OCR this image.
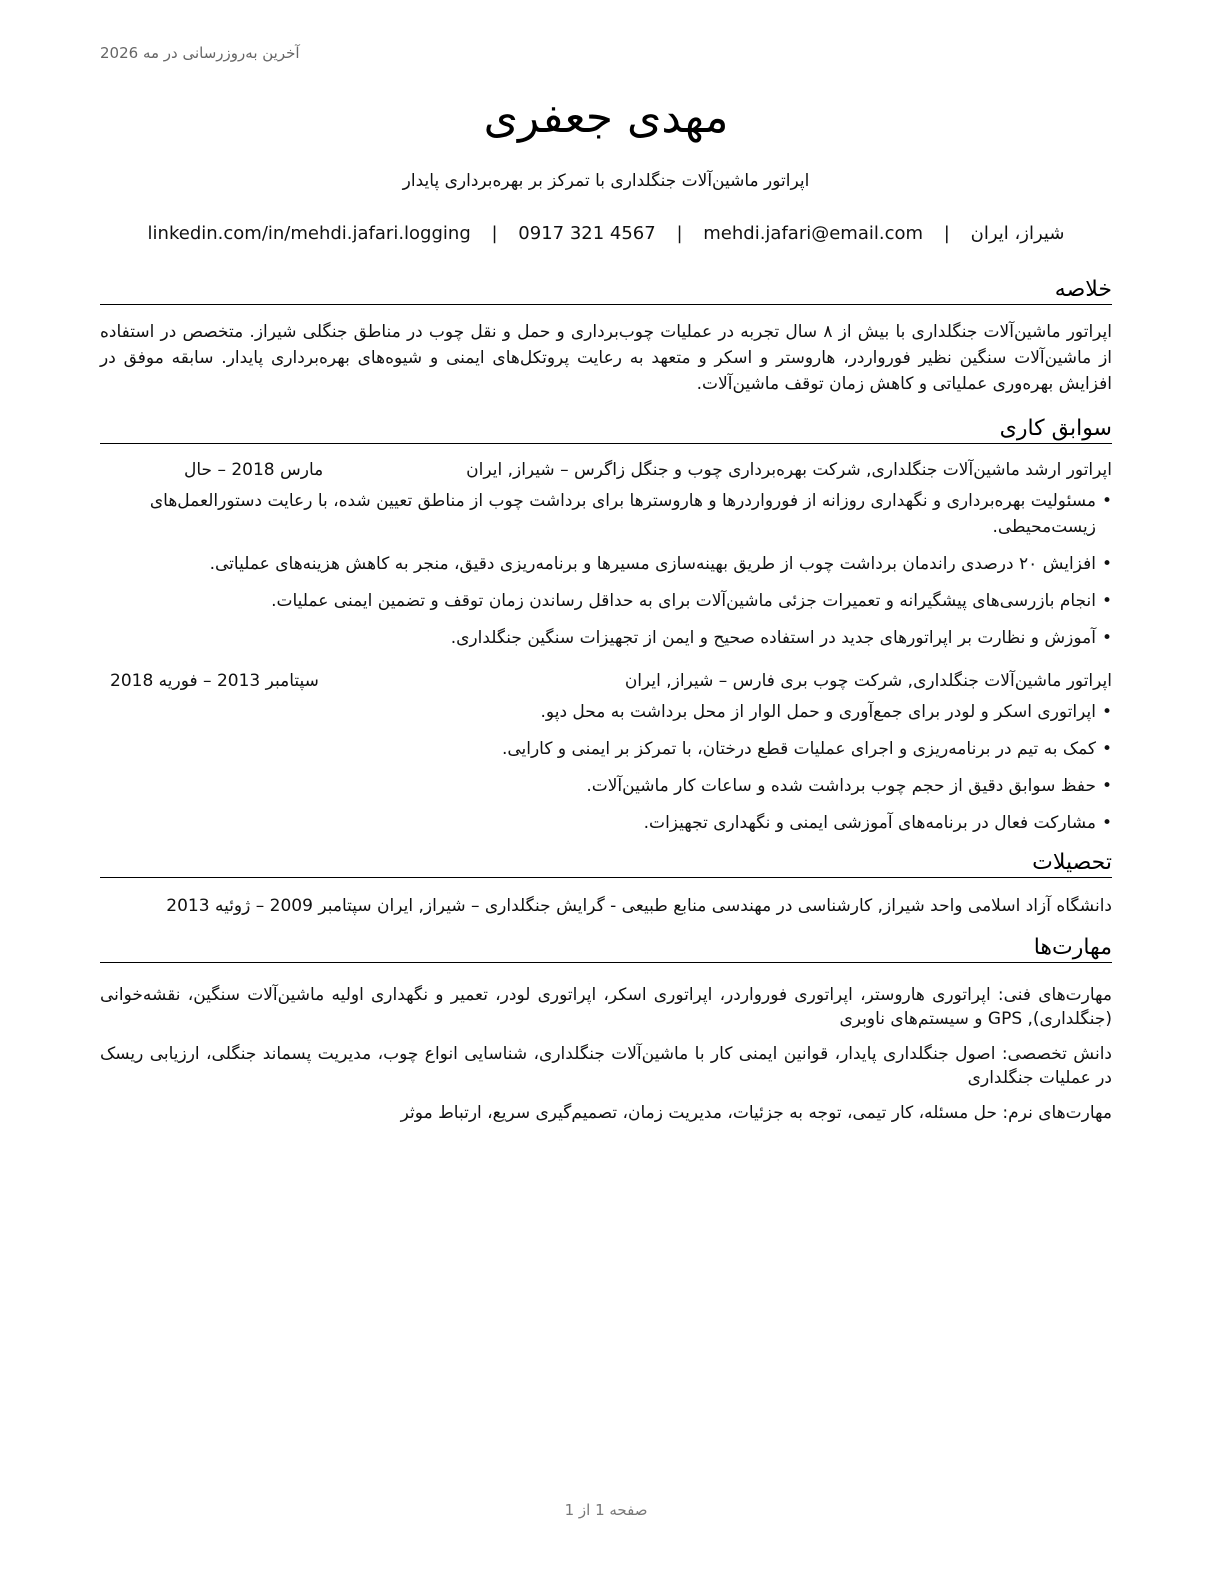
آخرین به‌روزرسانی در مه 2026
مهدی جعفری
اپراتور ماشین‌آلات جنگلداری با تمرکز بر بهره‌برداری پایدار
شیراز، ایران | mehdi.jafari@email.com | 0917 321 4567 | linkedin.com/in/mehdi.jafari.logging
خلاصه
اپراتور ماشین‌آلات جنگلداری با بیش از ۸ سال تجربه در عملیات چوب‌برداری و حمل و نقل چوب در مناطق جنگلی شیراز. متخصص در استفاده از ماشین‌آلات سنگین نظیر فورواردر، هاروستر و اسکر و متعهد به رعایت پروتکل‌های ایمنی و شیوه‌های بهره‌برداری پایدار. سابقه موفق در افزایش بهره‌وری عملیاتی و کاهش زمان توقف ماشین‌آلات.
سوابق کاری
اپراتور ارشد ماشین‌آلات جنگلداری, شرکت بهره‌برداری چوب و جنگل زاگرس – شیراز, ایران
مارس 2018 – حال
• مسئولیت بهره‌برداری و نگهداری روزانه از فورواردرها و هاروسترها برای برداشت چوب از مناطق تعیین شده، با رعایت دستورالعمل‌های زیست‌محیطی.
• افزایش ۲۰ درصدی راندمان برداشت چوب از طریق بهینه‌سازی مسیرها و برنامه‌ریزی دقیق، منجر به کاهش هزینه‌های عملیاتی.
• انجام بازرسی‌های پیشگیرانه و تعمیرات جزئی ماشین‌آلات برای به حداقل رساندن زمان توقف و تضمین ایمنی عملیات.
• آموزش و نظارت بر اپراتورهای جدید در استفاده صحیح و ایمن از تجهیزات سنگین جنگلداری.
اپراتور ماشین‌آلات جنگلداری, شرکت چوب بری فارس – شیراز, ایران
سپتامبر 2013 – فوریه 2018
• اپراتوری اسکر و لودر برای جمع‌آوری و حمل الوار از محل برداشت به محل دپو.
• کمک به تیم در برنامه‌ریزی و اجرای عملیات قطع درختان، با تمرکز بر ایمنی و کارایی.
• حفظ سوابق دقیق از حجم چوب برداشت شده و ساعات کار ماشین‌آلات.
• مشارکت فعال در برنامه‌های آموزشی ایمنی و نگهداری تجهیزات.
تحصیلات
دانشگاه آزاد اسلامی واحد شیراز, کارشناسی در مهندسی منابع طبیعی - گرایش جنگلداری – شیراز, ایران سپتامبر 2009 – ژوئیه 2013
مهارت‌ها
مهارت‌های فنی: اپراتوری هاروستر، اپراتوری فورواردر، اپراتوری اسکر، اپراتوری لودر، تعمیر و نگهداری اولیه ماشین‌آلات سنگین، نقشه‌خوانی (جنگلداری), GPS و سیستم‌های ناوبری
دانش تخصصی: اصول جنگلداری پایدار، قوانین ایمنی کار با ماشین‌آلات جنگلداری، شناسایی انواع چوب، مدیریت پسماند جنگلی، ارزیابی ریسک در عملیات جنگلداری
مهارت‌های نرم: حل مسئله، کار تیمی، توجه به جزئیات، مدیریت زمان، تصمیم‌گیری سریع، ارتباط موثر
صفحه 1 از 1
